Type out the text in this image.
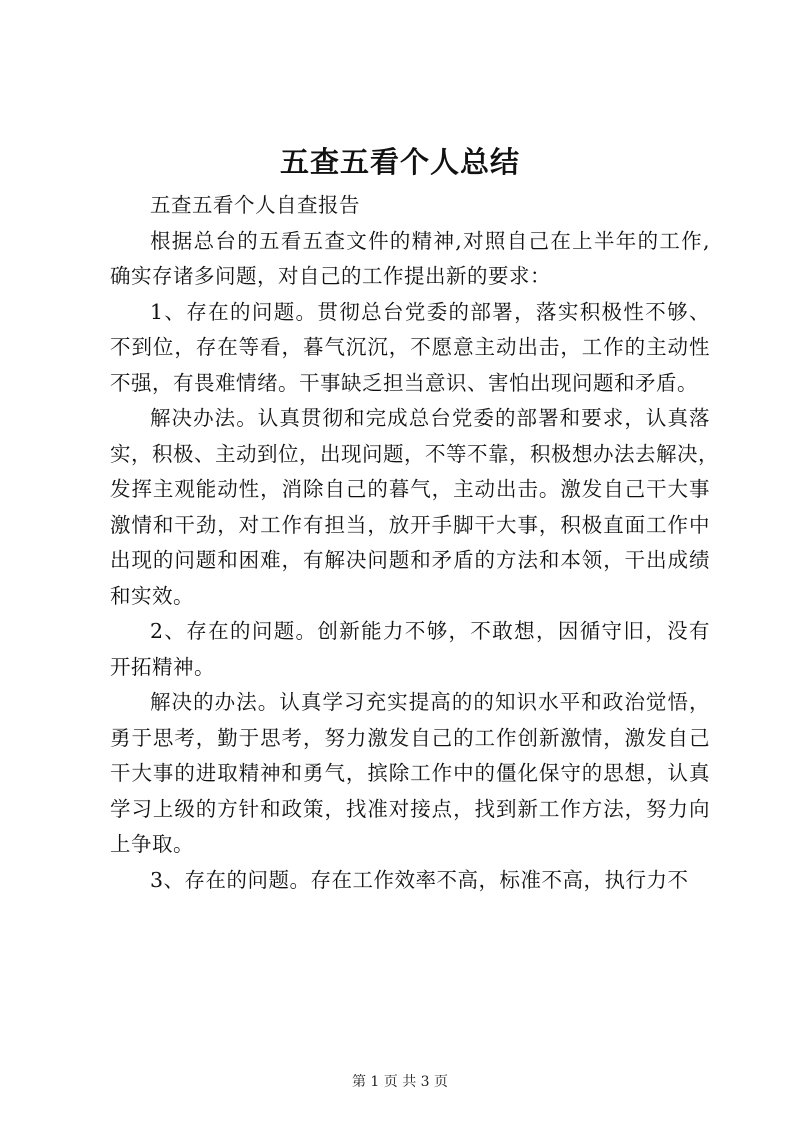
五查五看个人总结

五查五看个人自查报告

根据总台的五看五查文件的精神,对照自己在上半年的工作,
确实存诸多问题，对自己的工作提出新的要求：

1、存在的问题。贯彻总台党委的部署，落实积极性不够、
不到位，存在等看，暮气沉沉，不愿意主动出击，工作的主动性
不强，有畏难情绪。干事缺乏担当意识、害怕出现问题和矛盾。

解决办法。认真贯彻和完成总台党委的部署和要求，认真落
实，积极、主动到位，出现问题，不等不靠，积极想办法去解决，
发挥主观能动性，消除自己的暮气，主动出击。激发自己干大事
激情和干劲，对工作有担当，放开手脚干大事，积极直面工作中
出现的问题和困难，有解决问题和矛盾的方法和本领，干出成绩
和实效。

2、存在的问题。创新能力不够，不敢想，因循守旧，没有
开拓精神。

解决的办法。认真学习充实提高的的知识水平和政治觉悟，
勇于思考，勤于思考，努力激发自己的工作创新激情，激发自己
干大事的进取精神和勇气，摈除工作中的僵化保守的思想，认真
学习上级的方针和政策，找准对接点，找到新工作方法，努力向
上争取。

3、存在的问题。存在工作效率不高，标准不高，执行力不

第 1 页 共 3 页
